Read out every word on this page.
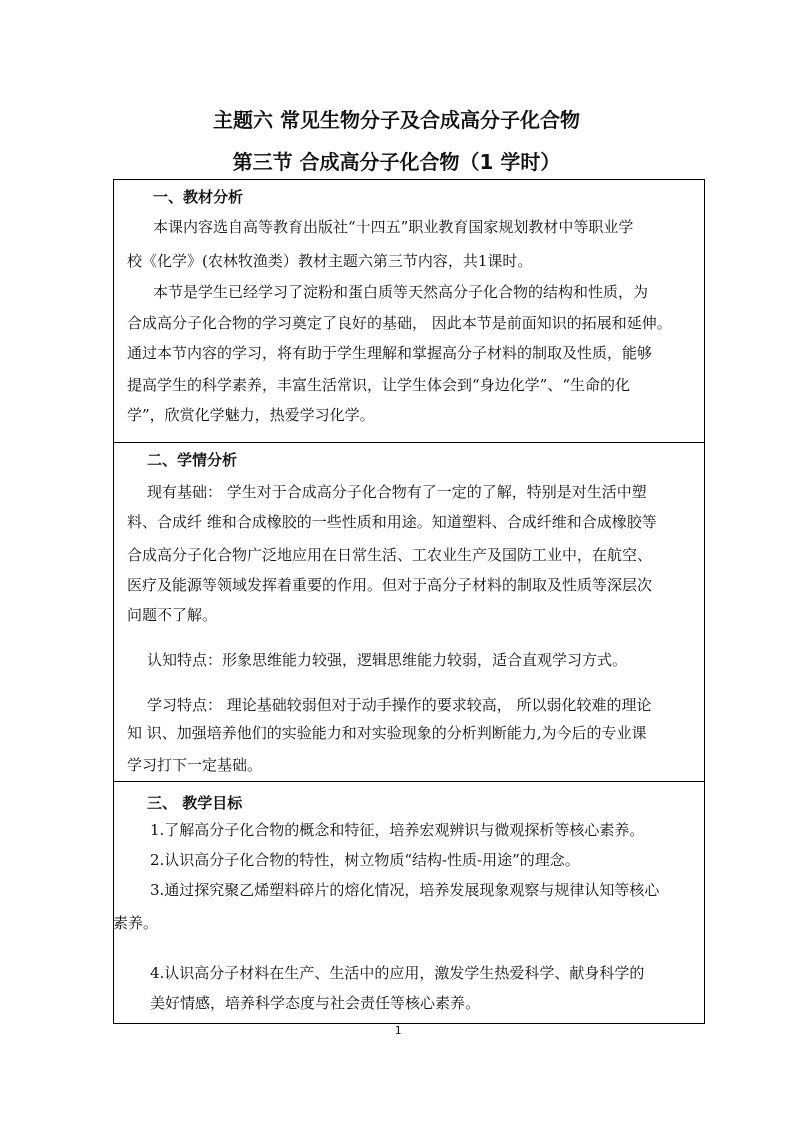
主题六 常见生物分子及合成高分子化合物
第三节 合成高分子化合物（1 学时）
一、教材分析
本课内容选自高等教育出版社“十四五”职业教育国家规划教材中等职业学
校《化学》(农林牧渔类）教材主题六第三节内容，共1课时。
本节是学生已经学习了淀粉和蛋白质等天然高分子化合物的结构和性质，为
合成高分子化合物的学习奠定了良好的基础， 因此本节是前面知识的拓展和延伸。
通过本节内容的学习，将有助于学生理解和掌握高分子材料的制取及性质，能够
提高学生的科学素养，丰富生活常识，让学生体会到“身边化学”、“生命的化
学”，欣赏化学魅力，热爱学习化学。
二、学情分析
现有基础： 学生对于合成高分子化合物有了一定的了解，特别是对生活中塑
料、合成纤 维和合成橡胶的一些性质和用途。知道塑料、合成纤维和合成橡胶等
合成高分子化合物广泛地应用在日常生活、工农业生产及国防工业中，在航空、
医疗及能源等领域发挥着重要的作用。但对于高分子材料的制取及性质等深层次
问题不了解。
认知特点：形象思维能力较强，逻辑思维能力较弱，适合直观学习方式。
学习特点： 理论基础较弱但对于动手操作的要求较高， 所以弱化较难的理论
知 识、加强培养他们的实验能力和对实验现象的分析判断能力,为今后的专业课
学习打下一定基础。
三、 教学目标
1.了解高分子化合物的概念和特征，培养宏观辨识与微观探析等核心素养。
2.认识高分子化合物的特性，树立物质“结构-性质-用途”的理念。
3.通过探究聚乙烯塑料碎片的熔化情况，培养发展现象观察与规律认知等核心
素养。
4.认识高分子材料在生产、生活中的应用，激发学生热爱科学、献身科学的
美好情感，培养科学态度与社会责任等核心素养。
1
